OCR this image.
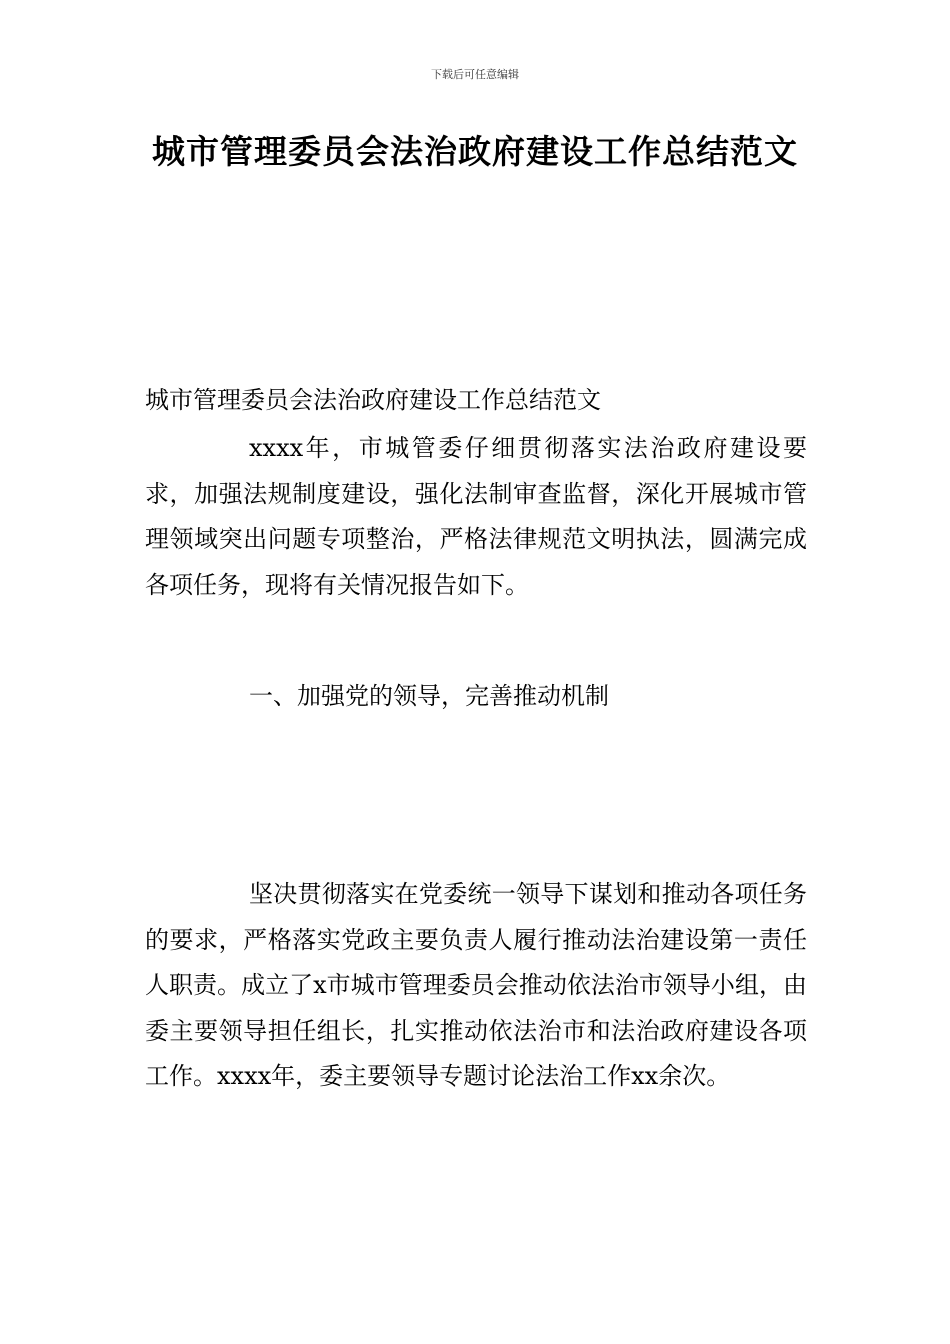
下载后可任意编辑
城市管理委员会法治政府建设工作总结范文

城市管理委员会法治政府建设工作总结范文

xxxx年，市城管委仔细贯彻落实法治政府建设要求，加强法规制度建设，强化法制审查监督，深化开展城市管理领域突出问题专项整治，严格法律规范文明执法，圆满完成各项任务，现将有关情况报告如下。

一、加强党的领导，完善推动机制

坚决贯彻落实在党委统一领导下谋划和推动各项任务的要求，严格落实党政主要负责人履行推动法治建设第一责任人职责。成立了x市城市管理委员会推动依法治市领导小组，由委主要领导担任组长，扎实推动依法治市和法治政府建设各项工作。xxxx年，委主要领导专题讨论法治工作xx余次。
